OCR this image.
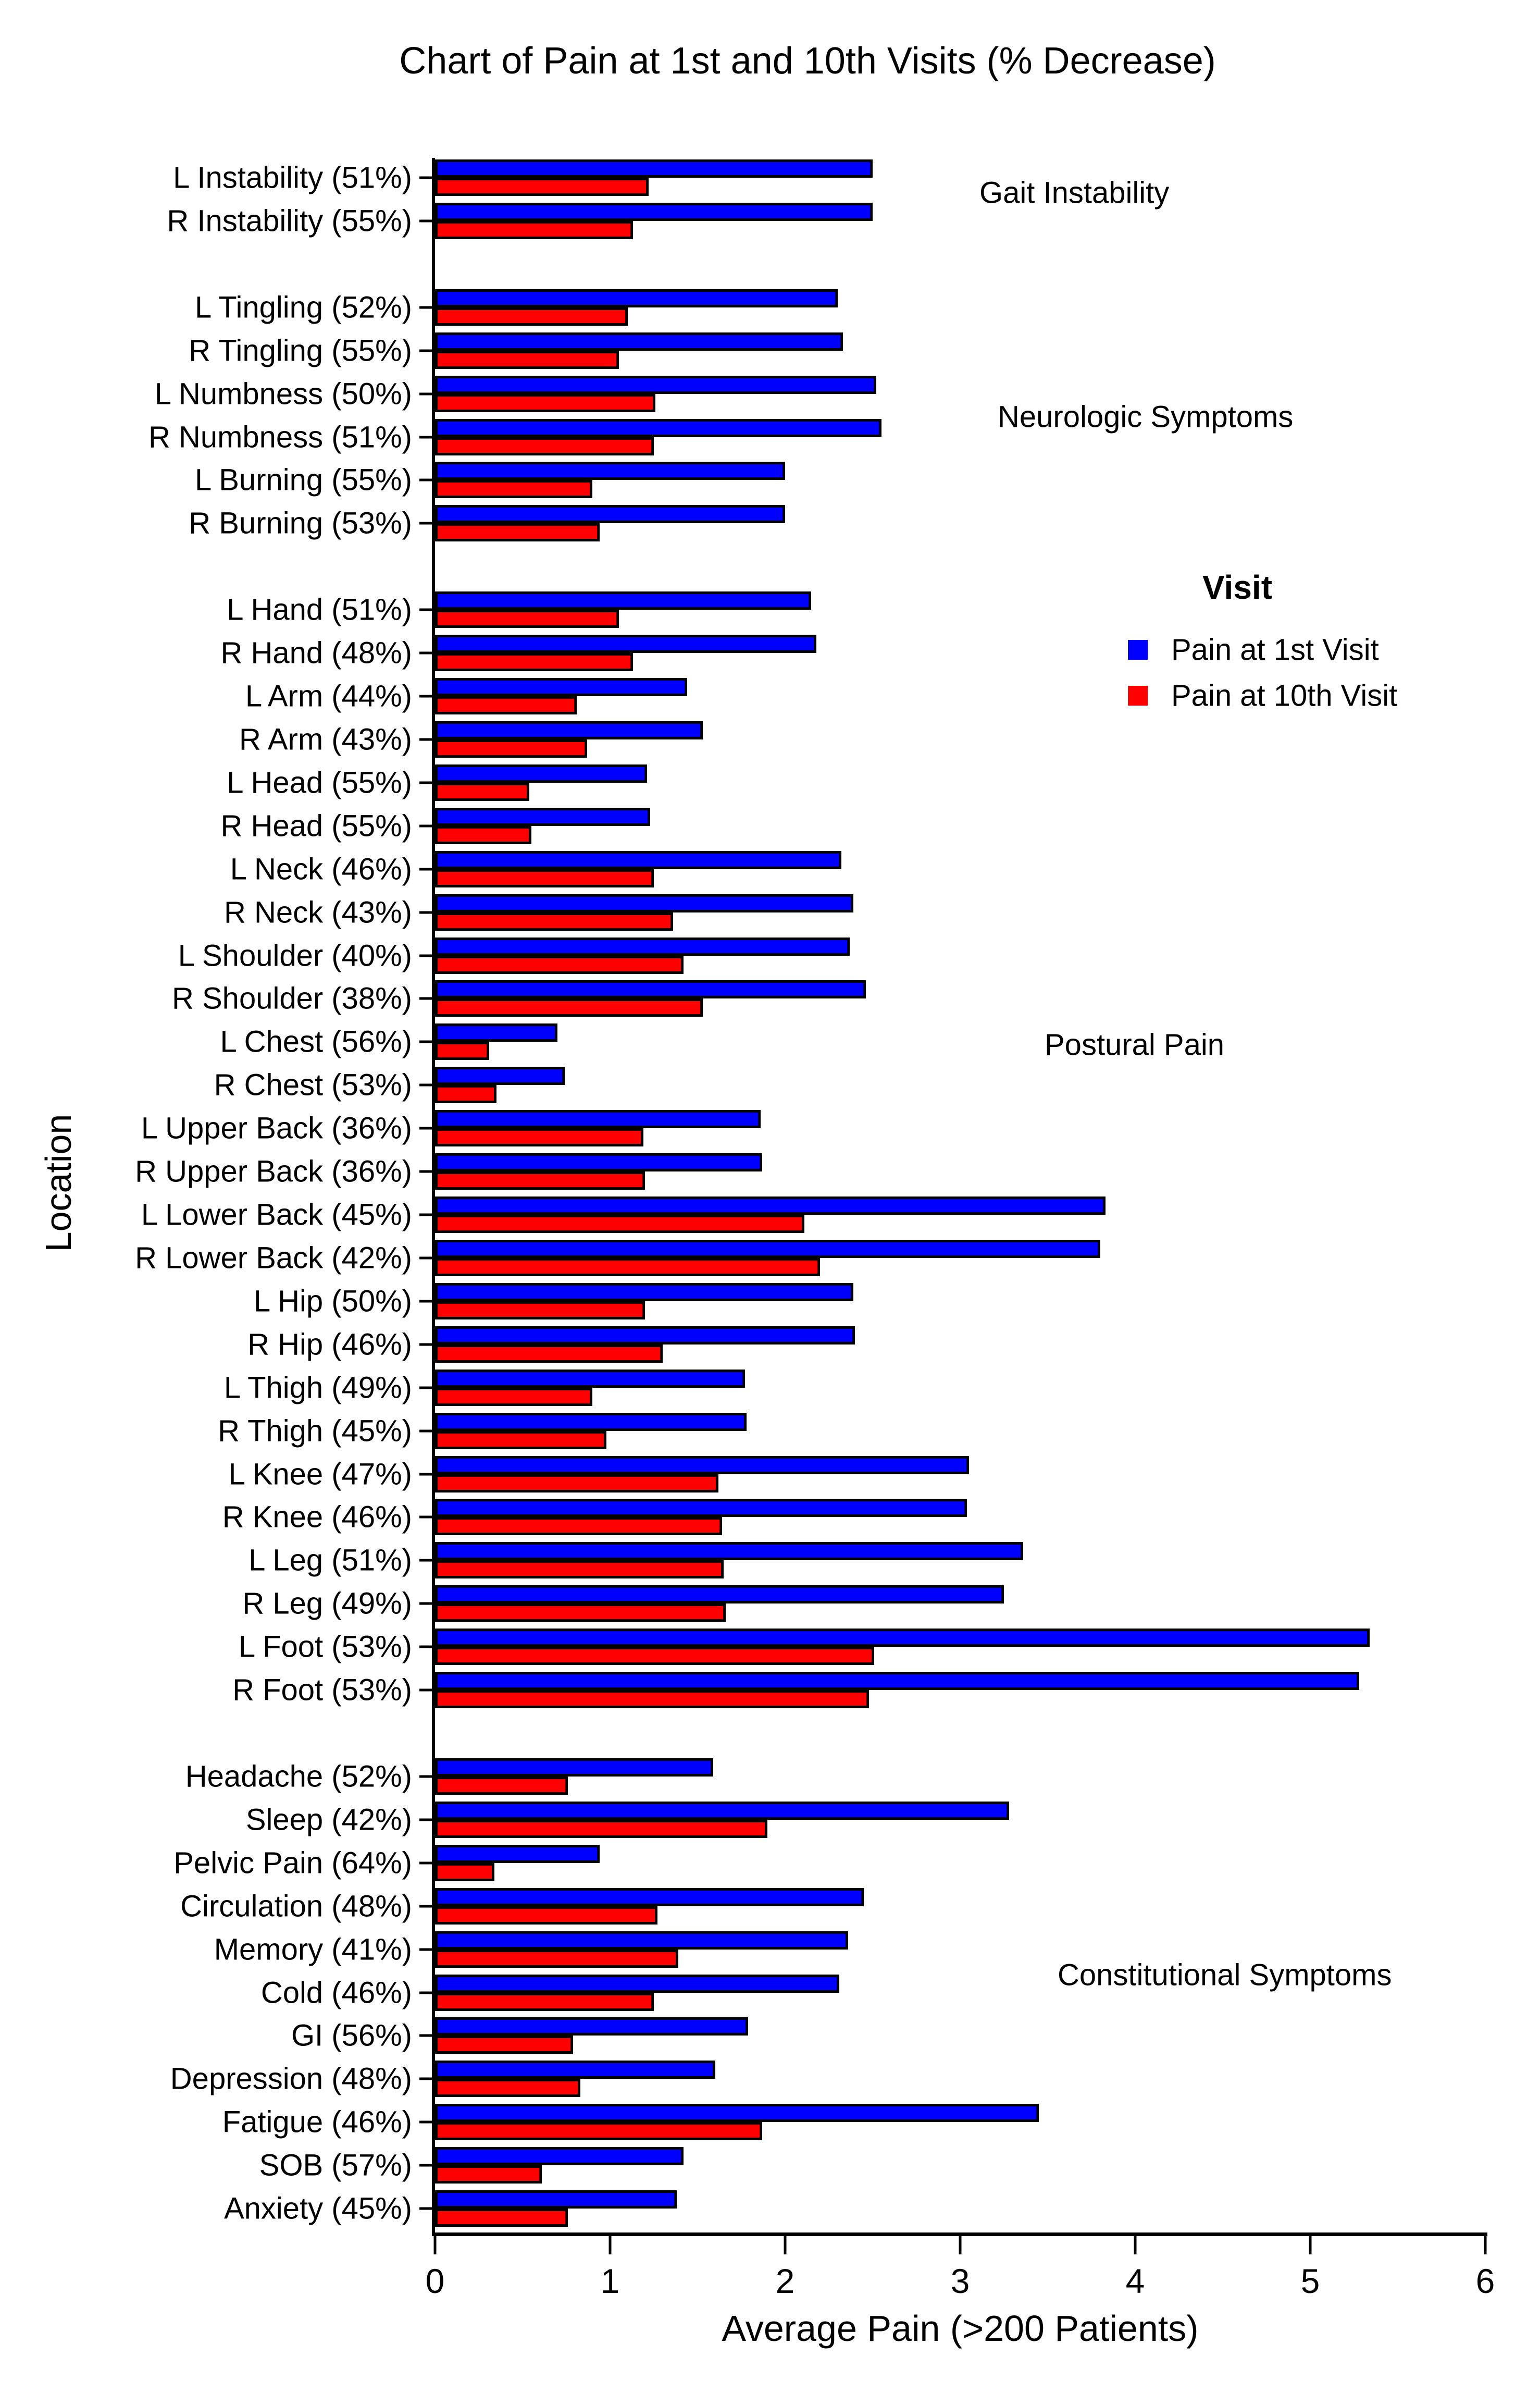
Chart of Pain at 1st and 10th Visits (% Decrease)
Location
L Instability (51%)
R Instability (55%)
L Tingling (52%)
R Tingling (55%)
L Numbness (50%)
R Numbness (51%)
L Burning (55%)
R Burning (53%)
L Hand (51%)
R Hand (48%)
L Arm (44%)
R Arm (43%)
L Head (55%)
R Head (55%)
L Neck (46%)
R Neck (43%)
L Shoulder (40%)
R Shoulder (38%)
L Chest (56%)
R Chest (53%)
L Upper Back (36%)
R Upper Back (36%)
L Lower Back (45%)
R Lower Back (42%)
L Hip (50%)
R Hip (46%)
L Thigh (49%)
R Thigh (45%)
L Knee (47%)
R Knee (46%)
L Leg (51%)
R Leg (49%)
L Foot (53%)
R Foot (53%)
Headache (52%)
Sleep (42%)
Pelvic Pain (64%)
Circulation (48%)
Memory (41%)
Cold (46%)
GI (56%)
Depression (48%)
Fatigue (46%)
SOB (57%)
Anxiety (45%)
0	1	2	3	4	5	6
Average Pain (>200 Patients)
Visit
Pain at 1st Visit
Pain at 10th Visit
Gait Instability
Neurologic Symptoms
Postural Pain
Constitutional Symptoms
